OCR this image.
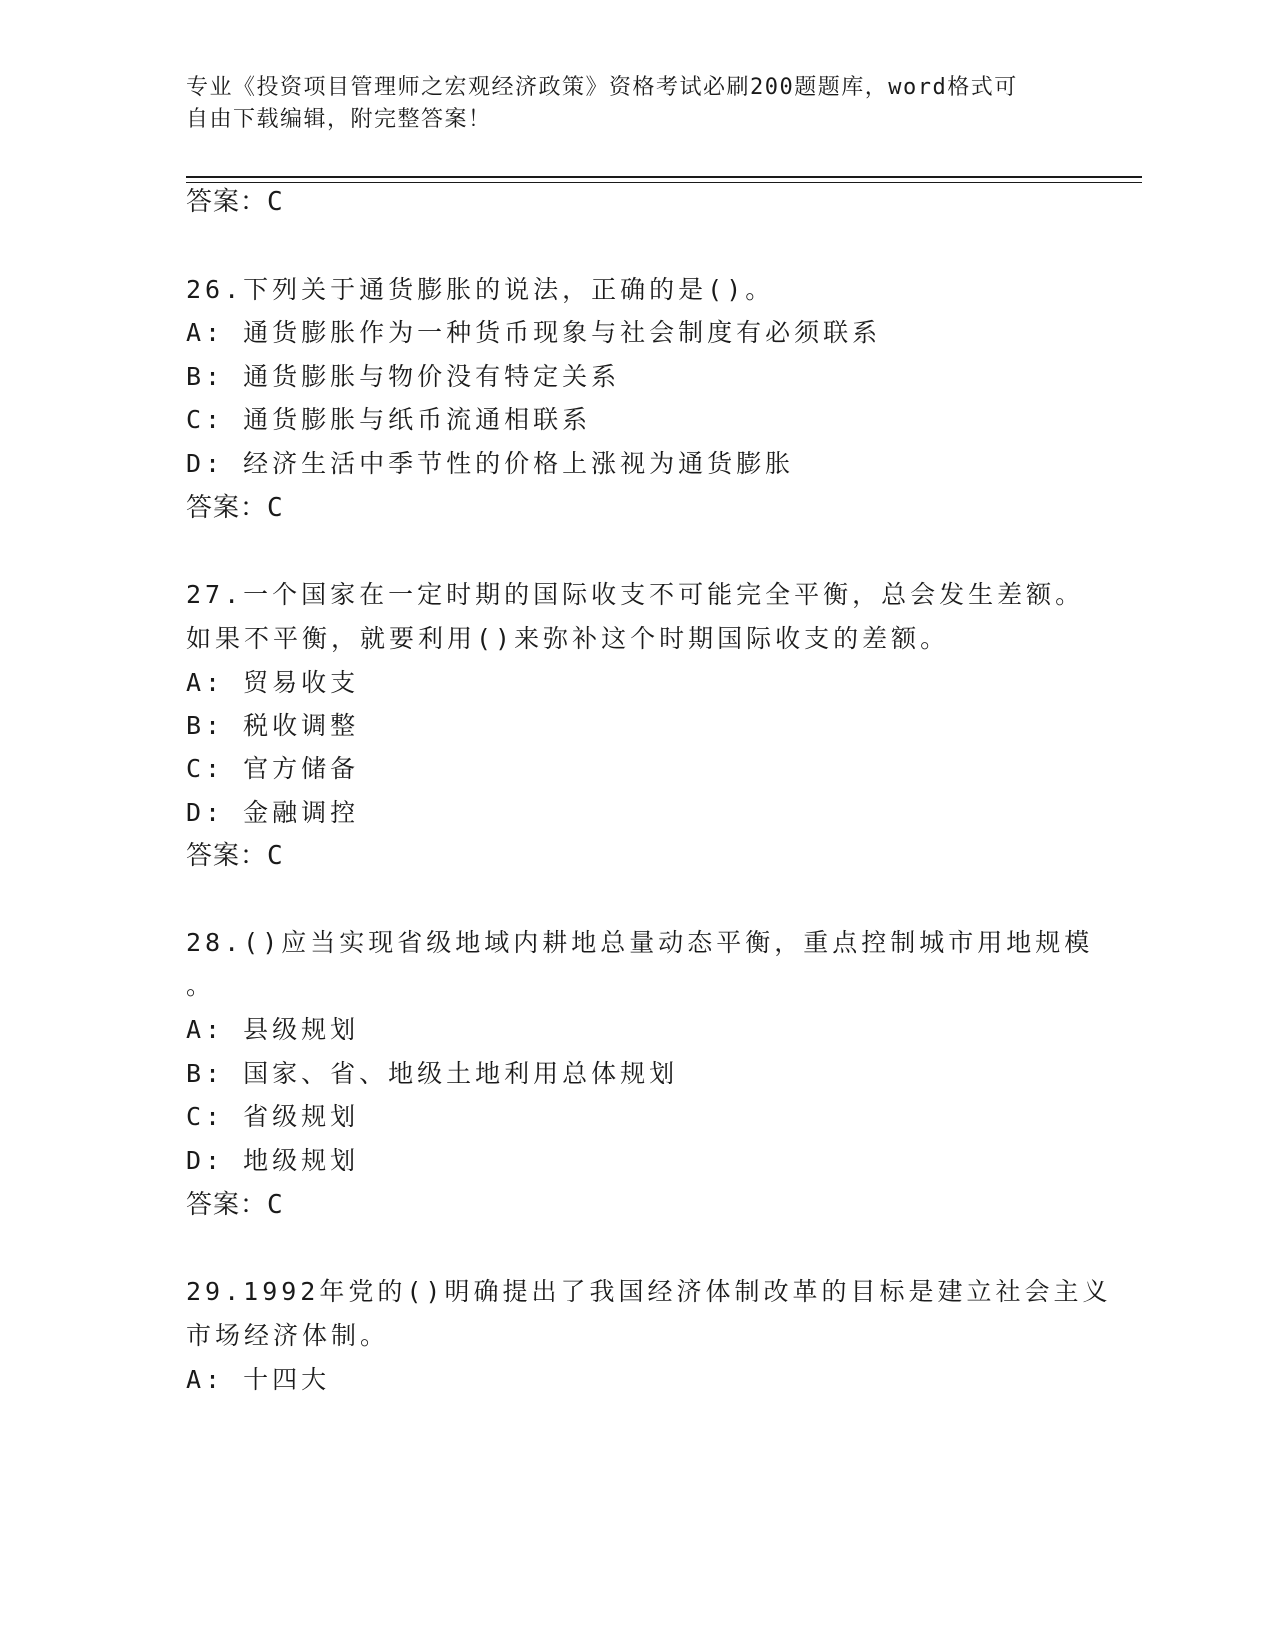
专业《投资项目管理师之宏观经济政策》资格考试必刷200题题库，word格式可
自由下载编辑，附完整答案！
答案：C
26.下列关于通货膨胀的说法，正确的是()。
A: 通货膨胀作为一种货币现象与社会制度有必须联系
B: 通货膨胀与物价没有特定关系
C: 通货膨胀与纸币流通相联系
D: 经济生活中季节性的价格上涨视为通货膨胀
答案：C
27.一个国家在一定时期的国际收支不可能完全平衡，总会发生差额。
如果不平衡，就要利用()来弥补这个时期国际收支的差额。
A: 贸易收支
B: 税收调整
C: 官方储备
D: 金融调控
答案：C
28.()应当实现省级地域内耕地总量动态平衡，重点控制城市用地规模
。
A: 县级规划
B: 国家、省、地级土地利用总体规划
C: 省级规划
D: 地级规划
答案：C
29.1992年党的()明确提出了我国经济体制改革的目标是建立社会主义
市场经济体制。
A: 十四大
